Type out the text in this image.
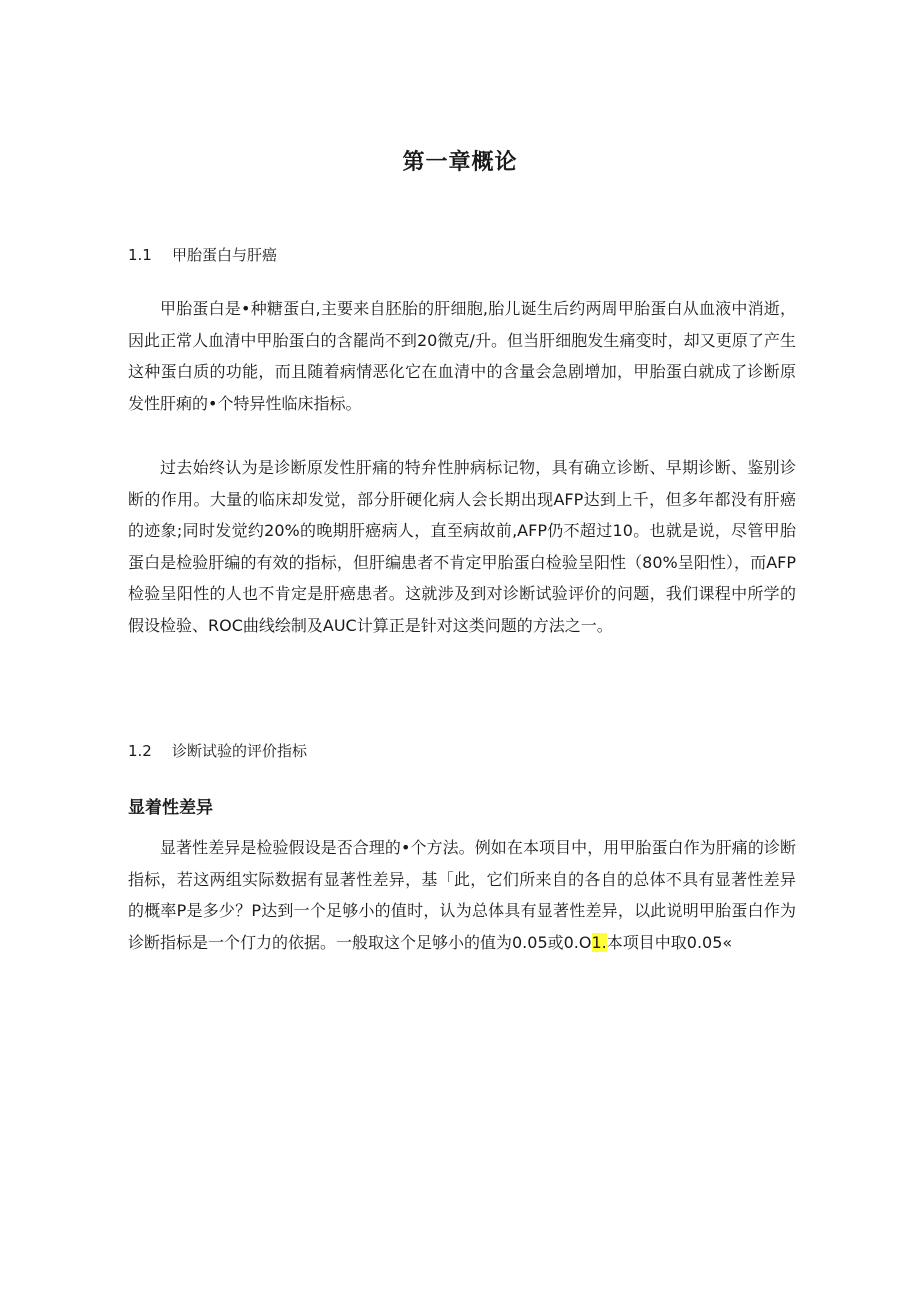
第一章概论
1.1 甲胎蛋白与肝癌

甲胎蛋白是•种糖蛋白,主要来自胚胎的肝细胞,胎儿诞生后约两周甲胎蛋白从血液中消逝，因此正常人血清中甲胎蛋白的含罷尚不到20微克/升。但当肝细胞发生痛变时，却又更原了产生这种蛋白质的功能，而且随着病情恶化它在血清中的含量会急剧增加，甲胎蛋白就成了诊断原发性肝痢的•个特异性临床指标。

过去始终认为是诊断原发性肝痛的特弁性肿病标记物，具有确立诊断、早期诊断、鉴别诊断的作用。大量的临床却发觉，部分肝硬化病人会长期出现AFP达到上千，但多年都没有肝癌的迹象;同时发觉约20%的晚期肝癌病人，直至病故前,AFP仍不超过10。也就是说，尽管甲胎蛋白是检验肝编的有效的指标，但肝编患者不肯定甲胎蛋白检验呈阳性（80%呈阳性），而AFP检验呈阳性的人也不肯定是肝癌患者。这就涉及到对诊断试验评价的问题，我们课程中所学的假设检验、ROC曲线绘制及AUC计算正是针对这类问题的方法之一。

1.2 诊断试验的评价指标
显着性差异

显著性差异是检验假设是否合理的•个方法。例如在本项目中，用甲胎蛋白作为肝痛的诊断指标，若这两组实际数据有显著性差异，基「此，它们所来自的各自的总体不具有显著性差异的概率P是多少？P达到一个足够小的值时，认为总体具有显著性差异，以此说明甲胎蛋白作为诊断指标是一个仃力的依据。一般取这个足够小的值为0.05或0.O1.本项目中取0.05«
